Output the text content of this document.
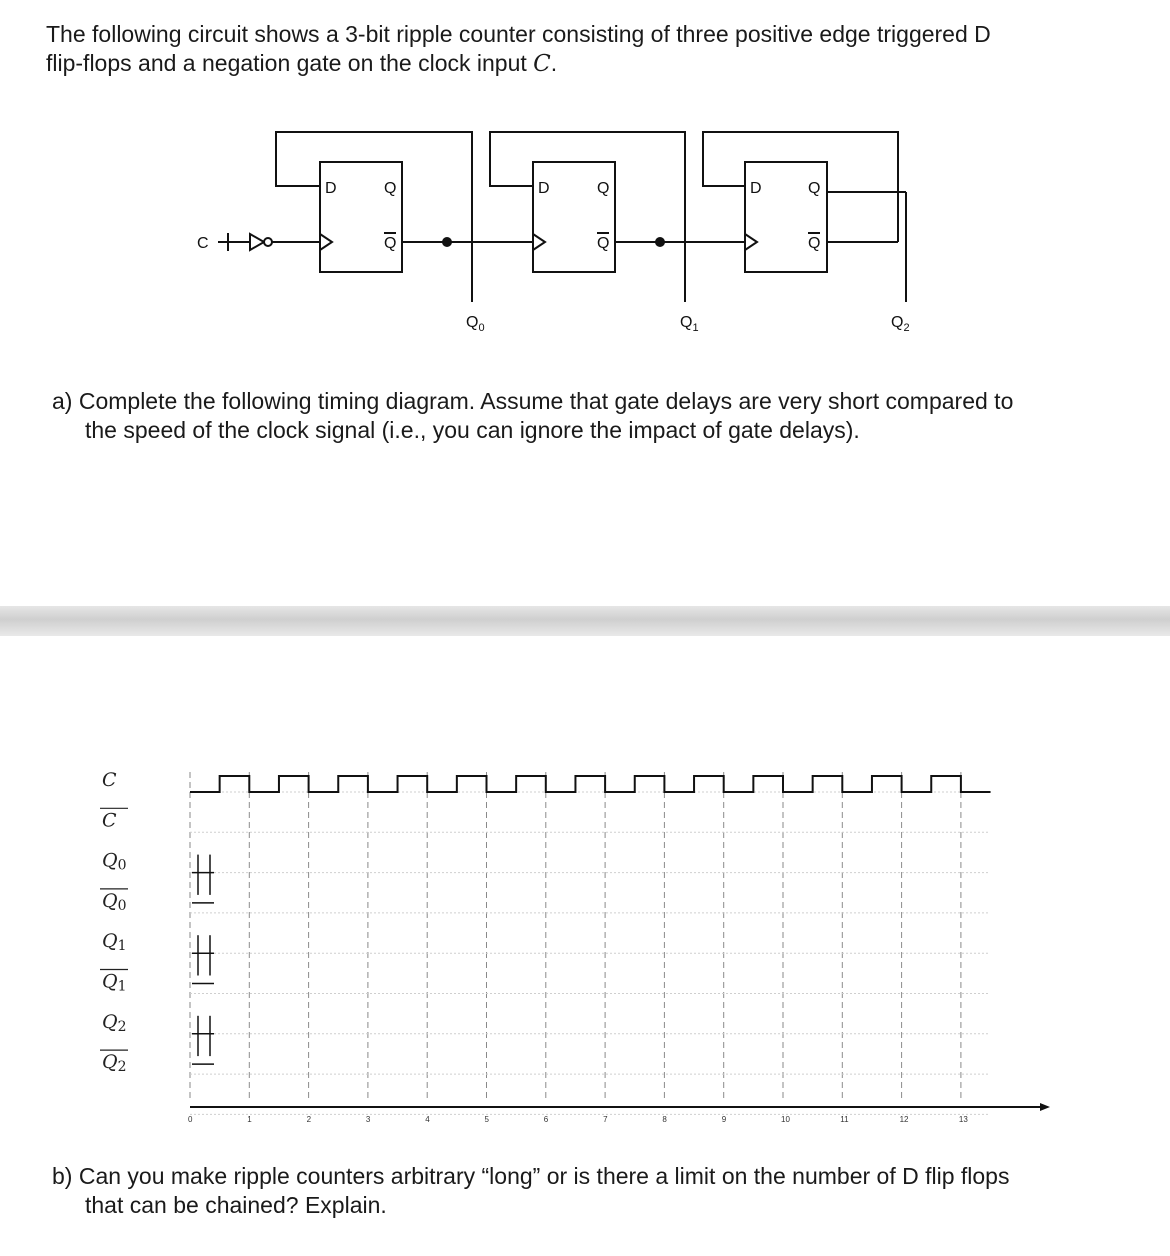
The following circuit shows a 3-bit ripple counter consisting of three positive edge triggered D
flip-flops and a negation gate on the clock input C.

C
D	Q
Q
D	Q
Q
D	Q
Q
$Q_0$	$Q_1$	$Q_2$

a) Complete the following timing diagram. Assume that gate delays are very short compared to

the speed of the clock signal (i.e., you can ignore the impact of gate delays).

C
C
Q0
Q0
Q1
Q1
Q2
Q2
0	1	2	3	4	5	6	7	8	9	10	11	12	13

b) Can you make ripple counters arbitrary “long” or is there a limit on the number of D flip flops

that can be chained? Explain.
